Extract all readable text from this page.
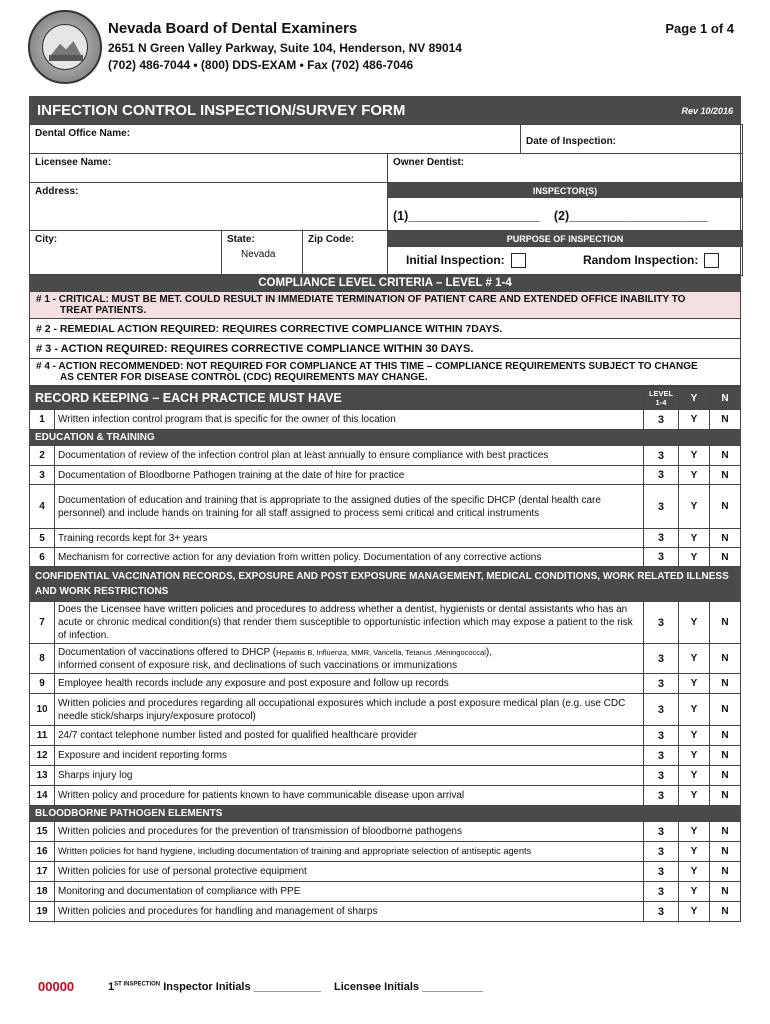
Nevada Board of Dental Examiners
2651 N Green Valley Parkway, Suite 104, Henderson, NV 89014
(702) 486-7044 • (800) DDS-EXAM • Fax (702) 486-7046
Page 1 of 4
INFECTION CONTROL INSPECTION/SURVEY FORM	Rev 10/2016
Dental Office Name:
Date of Inspection:
Licensee Name:	Owner Dentist:
Address:	INSPECTOR(S)
(1)___________________ (2)____________________
City:	State:
Nevada
Zip Code:	PURPOSE OF INSPECTION
Initial Inspection:	Random Inspection:
COMPLIANCE LEVEL CRITERIA – LEVEL # 1-4
# 1 - CRITICAL: MUST BE MET. COULD RESULT IN IMMEDIATE TERMINATION OF PATIENT CARE AND EXTENDED OFFICE INABILITY TO
TREAT PATIENTS.
# 2 - REMEDIAL ACTION REQUIRED: REQUIRES CORRECTIVE COMPLIANCE WITHIN 7DAYS.
# 3 - ACTION REQUIRED: REQUIRES CORRECTIVE COMPLIANCE WITHIN 30 DAYS.
# 4 - ACTION RECOMMENDED: NOT REQUIRED FOR COMPLIANCE AT THIS TIME – COMPLIANCE REQUIREMENTS SUBJECT TO CHANGE
AS CENTER FOR DISEASE CONTROL (CDC) REQUIREMENTS MAY CHANGE.
RECORD KEEPING – EACH PRACTICE MUST HAVE		LEVEL 1-4	Y	N
1	Written infection control program that is specific for the owner of this location	3	Y	N
EDUCATION & TRAINING				
2	Documentation of review of the infection control plan at least annually to ensure compliance with best practices	3	Y	N
3	Documentation of Bloodborne Pathogen training at the date of hire for practice	3	Y	N
4	Documentation of education and training that is appropriate to the assigned duties of the specific DHCP (dental health care personnel) and include hands on training for all staff assigned to process semi critical and critical instruments	3	Y	N
5	Training records kept for 3+ years	3	Y	N
6	Mechanism for corrective action for any deviation from written policy. Documentation of any corrective actions	3	Y	N
CONFIDENTIAL VACCINATION RECORDS, EXPOSURE AND POST EXPOSURE MANAGEMENT, MEDICAL CONDITIONS, WORK RELATED ILLNESS AND WORK RESTRICTIONS				
7	Does the Licensee have written policies and procedures to address whether a dentist, hygienists or dental assistants who has an acute or chronic medical condition(s) that render them susceptible to opportunistic infection which may expose a patient to the risk of infection.	3	Y	N
8	Documentation of vaccinations offered to DHCP (Hepatitis B, Influenza, MMR, Varicella, Tetanus ,Meningococcal),
informed consent of exposure risk, and declinations of such vaccinations or immunizations	3	Y	N
9	Employee health records include any exposure and post exposure and follow up records	3	Y	N
10	Written policies and procedures regarding all occupational exposures which include a post exposure medical plan (e.g. use CDC needle stick/sharps injury/exposure protocol)	3	Y	N
11	24/7 contact telephone number listed and posted for qualified healthcare provider	3	Y	N
12	Exposure and incident reporting forms	3	Y	N
13	Sharps injury log	3	Y	N
14	Written policy and procedure for patients known to have communicable disease upon arrival	3	Y	N
BLOODBORNE PATHOGEN ELEMENTS				
15	Written policies and procedures for the prevention of transmission of bloodborne pathogens	3	Y	N
16	Written policies for hand hygiene, including documentation of training and appropriate selection of antiseptic agents	3	Y	N
17	Written policies for use of personal protective equipment	3	Y	N
18	Monitoring and documentation of compliance with PPE	3	Y	N
19	Written policies and procedures for handling and management of sharps	3	Y	N
00000	$1^{ST INSPECTION}$ Inspector Initials ___________ Licensee Initials __________
